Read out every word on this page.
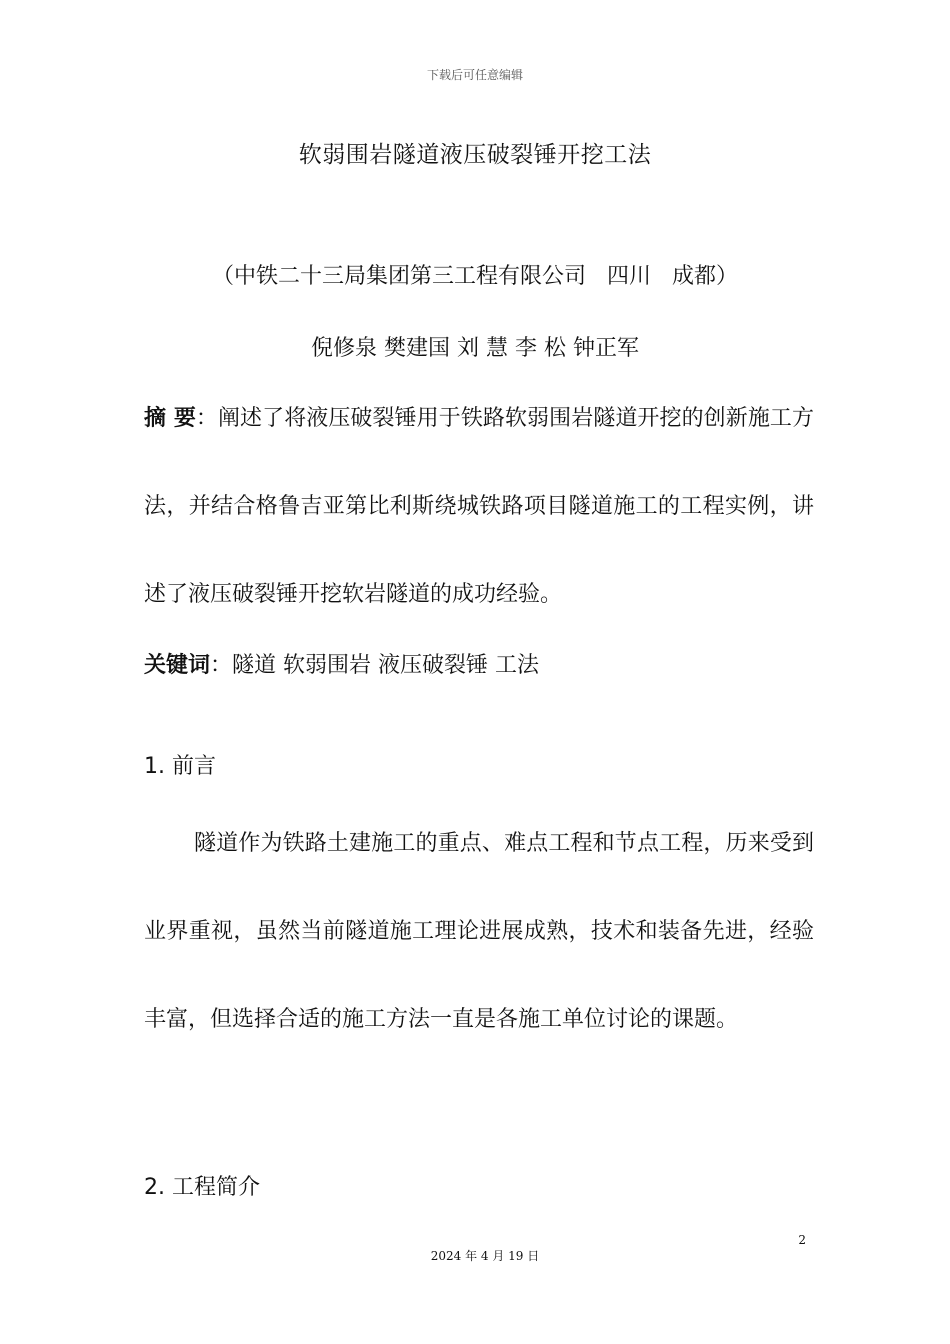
下载后可任意编辑
软弱围岩隧道液压破裂锤开挖工法
（中铁二十三局集团第三工程有限公司   四川   成都）
倪修泉 樊建国 刘 慧 李 松 钟正军
摘 要：阐述了将液压破裂锤用于铁路软弱围岩隧道开挖的创新施工方法，并结合格鲁吉亚第比利斯绕城铁路项目隧道施工的工程实例，讲述了液压破裂锤开挖软岩隧道的成功经验。
关键词：隧道 软弱围岩 液压破裂锤 工法
1. 前言
隧道作为铁路土建施工的重点、难点工程和节点工程，历来受到业界重视，虽然当前隧道施工理论进展成熟，技术和装备先进，经验丰富，但选择合适的施工方法一直是各施工单位讨论的课题。
2. 工程简介
2
2024 年 4 月 19 日
